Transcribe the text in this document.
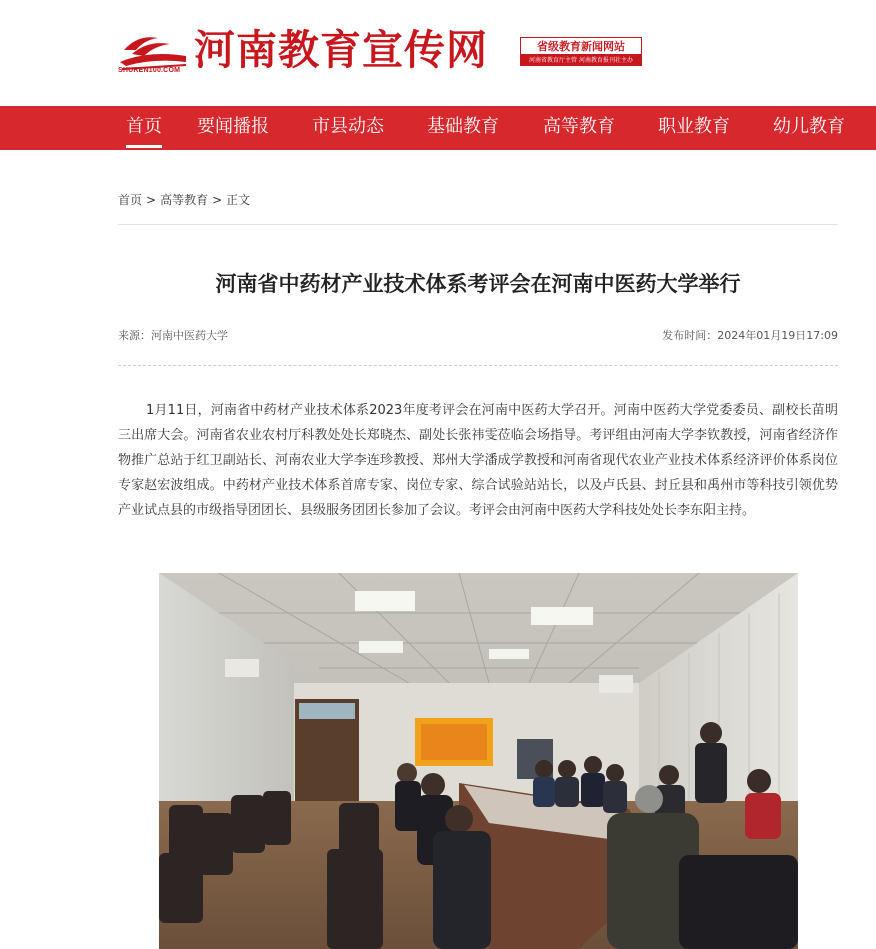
SHUREN100.COM 河南教育宣传网	省级教育新闻网站
河南省教育厅主管 河南教育报刊社主办
首页 要闻播报 市县动态 基础教育 高等教育 职业教育 幼儿教育
首页 > 高等教育 > 正文
河南省中药材产业技术体系考评会在河南中医药大学举行
来源：河南中医药大学	发布时间：2024年01月19日17:09

1月11日，河南省中药材产业技术体系2023年度考评会在河南中医药大学召开。河南中医药大学党委委员、副校长苗明三出席大会。河南省农业农村厅科教处处长郑晓杰、副处长张祎雯莅临会场指导。考评组由河南大学李钦教授，河南省经济作物推广总站于红卫副站长、河南农业大学李连珍教授、郑州大学潘成学教授和河南省现代农业产业技术体系经济评价体系岗位专家赵宏波组成。中药材产业技术体系首席专家、岗位专家、综合试验站站长，以及卢氏县、封丘县和禹州市等科技引领优势产业试点县的市级指导团团长、县级服务团团长参加了会议。考评会由河南中医药大学科技处处长李东阳主持。
